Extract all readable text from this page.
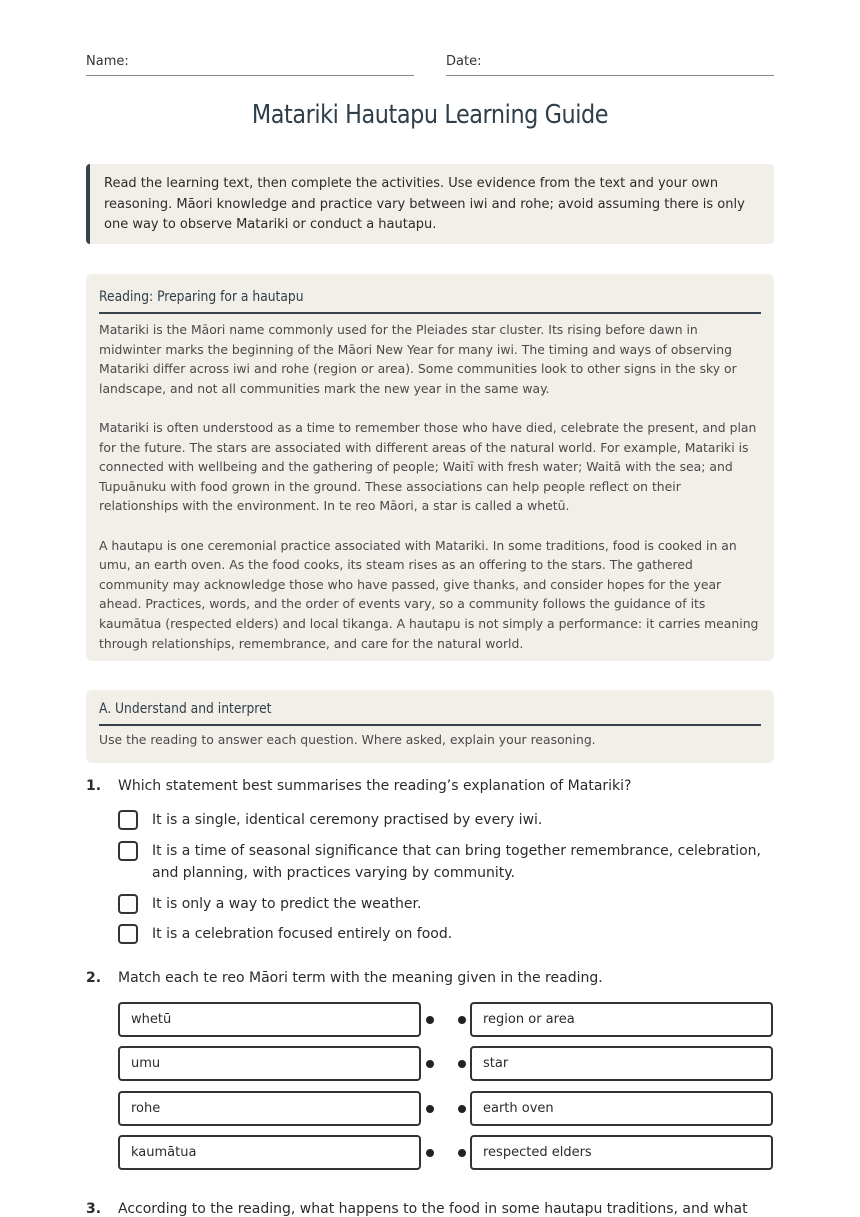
Name:	Date:
Matariki Hautapu Learning Guide
Read the learning text, then complete the activities. Use evidence from the text and your own reasoning. Māori knowledge and practice vary between iwi and rohe; avoid assuming there is only one way to observe Matariki or conduct a hautapu.
Reading: Preparing for a hautapu

Matariki is the Māori name commonly used for the Pleiades star cluster. Its rising before dawn in midwinter marks the beginning of the Māori New Year for many iwi. The timing and ways of observing Matariki differ across iwi and rohe (region or area). Some communities look to other signs in the sky or landscape, and not all communities mark the new year in the same way.

Matariki is often understood as a time to remember those who have died, celebrate the present, and plan for the future. The stars are associated with different areas of the natural world. For example, Matariki is connected with wellbeing and the gathering of people; Waitī with fresh water; Waitā with the sea; and Tupuānuku with food grown in the ground. These associations can help people reflect on their relationships with the environment. In te reo Māori, a star is called a whetū.

A hautapu is one ceremonial practice associated with Matariki. In some traditions, food is cooked in an umu, an earth oven. As the food cooks, its steam rises as an offering to the stars. The gathered community may acknowledge those who have passed, give thanks, and consider hopes for the year ahead. Practices, words, and the order of events vary, so a community follows the guidance of its kaumātua (respected elders) and local tikanga. A hautapu is not simply a performance: it carries meaning through relationships, remembrance, and care for the natural world.

A. Understand and interpret
Use the reading to answer each question. Where asked, explain your reasoning.
1. Which statement best summarises the reading’s explanation of Matariki?
It is a single, identical ceremony practised by every iwi.
It is a time of seasonal significance that can bring together remembrance, celebration, and planning, with practices varying by community.
It is only a way to predict the weather.
It is a celebration focused entirely on food.
2. Match each te reo Māori term with the meaning given in the reading.
whetū	region or area
umu	star
rohe	earth oven
kaumātua	respected elders
3. According to the reading, what happens to the food in some hautapu traditions, and what
